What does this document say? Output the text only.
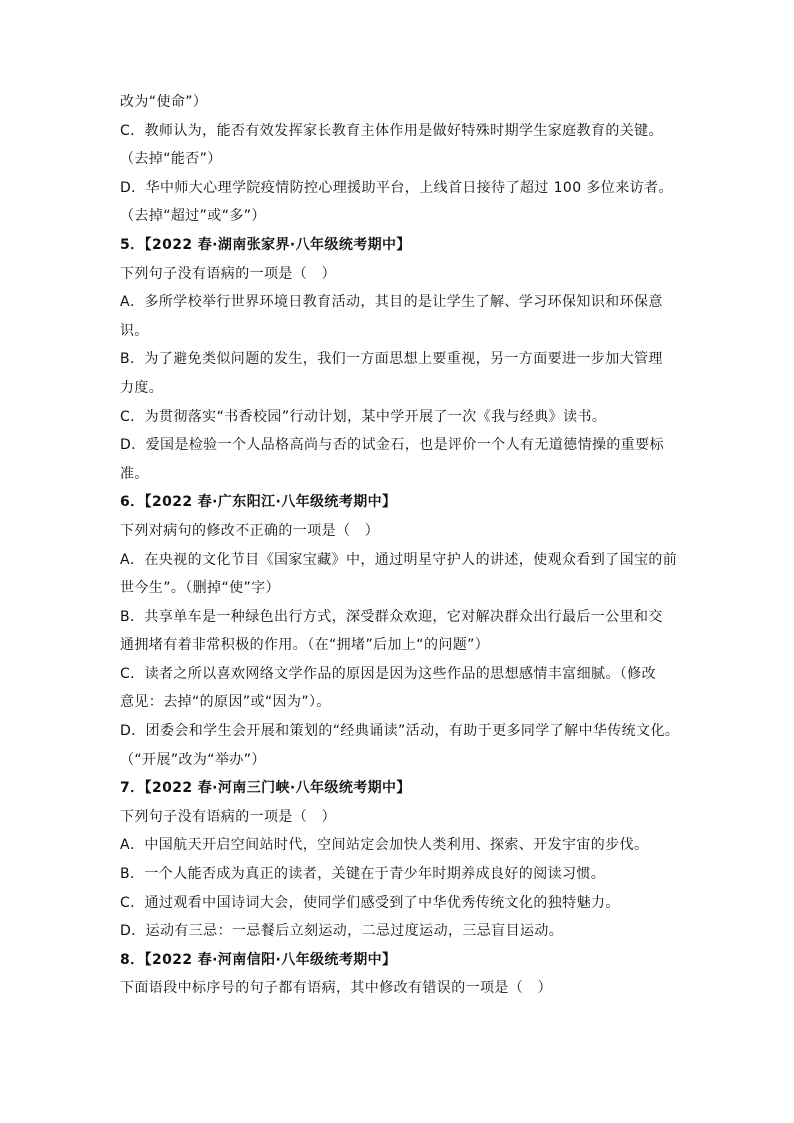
改为“使命”）
C．教师认为，能否有效发挥家长教育主体作用是做好特殊时期学生家庭教育的关键。
（去掉“能否”）
D．华中师大心理学院疫情防控心理援助平台，上线首日接待了超过 100 多位来访者。
（去掉“超过”或“多”）
5．【2022 春·湖南张家界·八年级统考期中】
下列句子没有语病的一项是（　）
A．多所学校举行世界环境日教育活动，其目的是让学生了解、学习环保知识和环保意
识。
B．为了避免类似问题的发生，我们一方面思想上要重视，另一方面要进一步加大管理
力度。
C．为贯彻落实“书香校园”行动计划，某中学开展了一次《我与经典》读书。
D．爱国是检验一个人品格高尚与否的试金石，也是评价一个人有无道德情操的重要标
准。
6．【2022 春·广东阳江·八年级统考期中】
下列对病句的修改不正确的一项是（　）
A．在央视的文化节目《国家宝藏》中，通过明星守护人的讲述，使观众看到了国宝的前
世今生”。（删掉“使”字）
B．共享单车是一种绿色出行方式，深受群众欢迎，它对解决群众出行最后一公里和交
通拥堵有着非常积极的作用。（在“拥堵”后加上“的问题”）
C．读者之所以喜欢网络文学作品的原因是因为这些作品的思想感情丰富细腻。（修改
意见：去掉“的原因”或“因为”）。
D．团委会和学生会开展和策划的“经典诵读”活动，有助于更多同学了解中华传统文化。
（“开展”改为“举办”）
7．【2022 春·河南三门峡·八年级统考期中】
下列句子没有语病的一项是（　）
A．中国航天开启空间站时代，空间站定会加快人类利用、探索、开发宇宙的步伐。
B．一个人能否成为真正的读者，关键在于青少年时期养成良好的阅读习惯。
C．通过观看中国诗词大会，使同学们感受到了中华优秀传统文化的独特魅力。
D．运动有三忌：一忌餐后立刻运动，二忌过度运动，三忌盲目运动。
8．【2022 春·河南信阳·八年级统考期中】
下面语段中标序号的句子都有语病，其中修改有错误的一项是（　）
